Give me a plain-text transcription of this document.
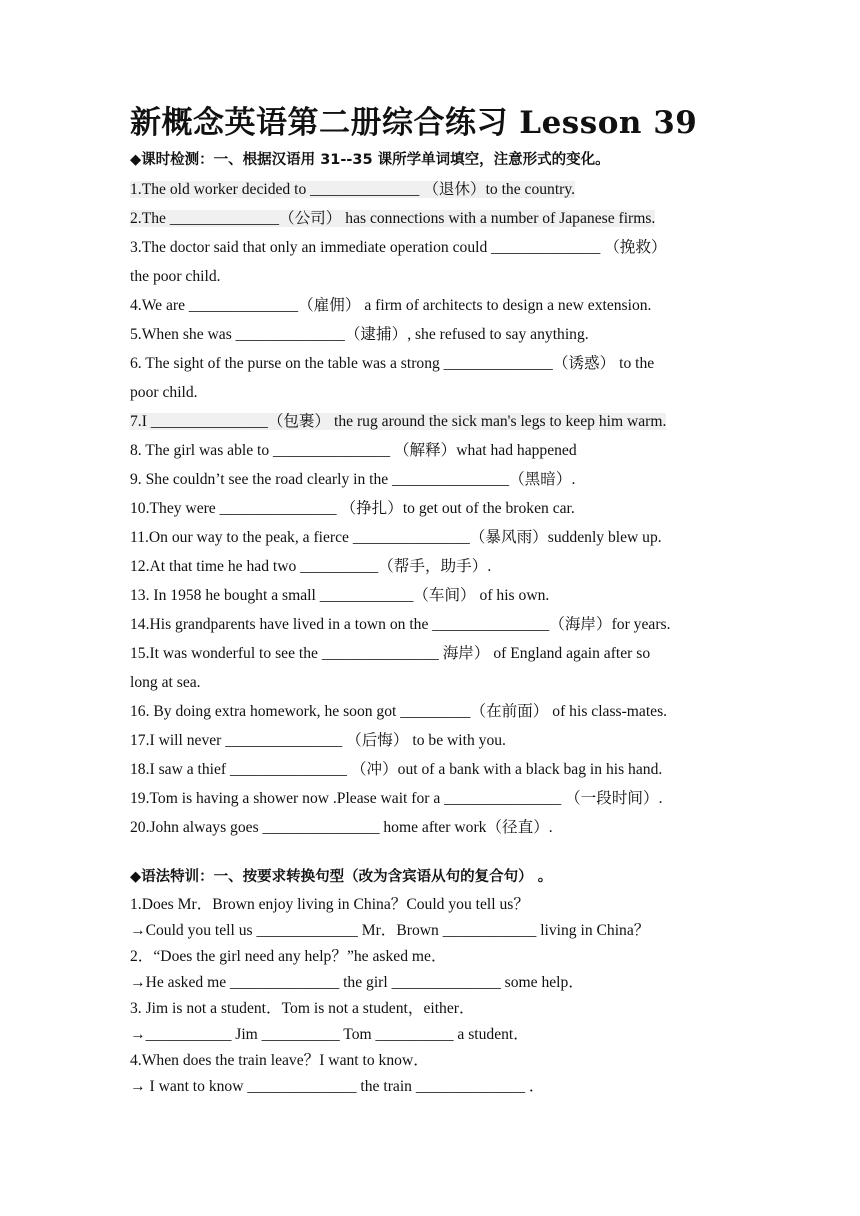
新概念英语第二册综合练习 Lesson 39

◆课时检测：一、根据汉语用 31--35 课所学单词填空，注意形式的变化。

1.The old worker decided to ______________ （退休）to the country.
2.The ______________（公司） has connections with a number of Japanese firms.
3.The doctor said that only an immediate operation could ______________ （挽救）
the poor child.
4.We are ______________（雇佣） a firm of architects to design a new extension.
5.When she was ______________（逮捕）, she refused to say anything.
6. The sight of the purse on the table was a strong ______________（诱惑） to the
poor child.
7.I _______________（包裹） the rug around the sick man's legs to keep him warm.
8. The girl was able to _______________ （解释）what had happened
9. She couldn’t see the road clearly in the _______________（黑暗）.
10.They were _______________ （挣扎）to get out of the broken car.
11.On our way to the peak, a fierce _______________（暴风雨）suddenly blew up.
12.At that time he had two __________（帮手，助手）.
13. In 1958 he bought a small ____________（车间） of his own.
14.His grandparents have lived in a town on the _______________（海岸）for years.
15.It was wonderful to see the _______________ 海岸） of England again after so
long at sea.
16. By doing extra homework, he soon got _________（在前面） of his class-mates.
17.I will never _______________ （后悔） to be with you.
18.I saw a thief _______________ （冲）out of a bank with a black bag in his hand.
19.Tom is having a shower now .Please wait for a _______________ （一段时间）.
20.John always goes _______________ home after work（径直）.

◆语法特训：一、按要求转换句型（改为含宾语从句的复合句） 。

1.Does Mr．Brown enjoy living in China？Could you tell us？
→Could you tell us _____________ Mr．Brown ____________ living in China？
2．“Does the girl need any help？”he asked me．
→He asked me ______________ the girl ______________ some help．
3. Jim is not a student．Tom is not a student，either．
→___________ Jim __________ Tom __________ a student．
4.When does the train leave？I want to know．
→ I want to know ______________ the train ______________ ．
